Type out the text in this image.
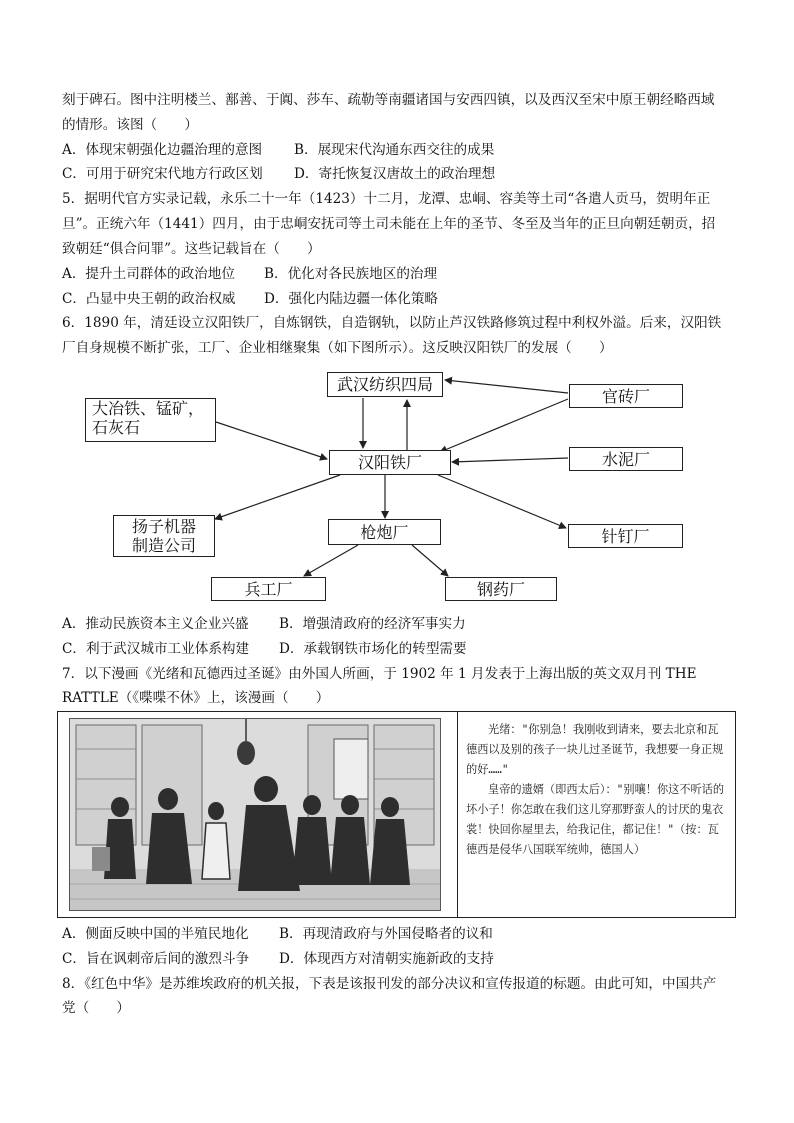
刻于碑石。图中注明楼兰、鄯善、于阗、莎车、疏勒等南疆诸国与安西四镇，以及西汉至宋中原王朝经略西域
的情形。该图（　　）
A．体现宋朝强化边疆治理的意图 B．展现宋代沟通东西交往的成果
C．可用于研究宋代地方行政区划 D．寄托恢复汉唐故土的政治理想
5．据明代官方实录记载，永乐二十一年（1423）十二月，龙潭、忠峒、容美等土司“各遣人贡马，贺明年正
旦”。正统六年（1441）四月，由于忠峒安抚司等土司未能在上年的圣节、冬至及当年的正旦向朝廷朝贡，招
致朝廷“俱合问罪”。这些记载旨在（　　）
A．提升土司群体的政治地位 B．优化对各民族地区的治理
C．凸显中央王朝的政治权威 D．强化内陆边疆一体化策略
6．1890 年，清廷设立汉阳铁厂，自炼钢铁，自造钢轨，以防止芦汉铁路修筑过程中利权外溢。后来，汉阳铁
厂自身规模不断扩张，工厂、企业相继聚集（如下图所示）。这反映汉阳铁厂的发展（　　）
武汉纺织四局
官砖厂
大冶铁、锰矿，
石灰石
汉阳铁厂	水泥厂
扬子机器
制造公司
枪炮厂	针钉厂
兵工厂	钢药厂
A．推动民族资本主义企业兴盛 B．增强清政府的经济军事实力
C．利于武汉城市工业体系构建 D．承载钢铁市场化的转型需要
7．以下漫画《光绪和瓦德西过圣诞》由外国人所画，于 1902 年 1 月发表于上海出版的英文双月刊 THE
RATTLE（《喋喋不休》上，该漫画（　　）

光绪："你别急！我刚收到请来，要去北京和瓦德西以及别的孩子一块儿过圣诞节，我想要一身正规的好……"

皇帝的遗婿（即西太后）："别嚷！你这不听话的坏小子！你怎敢在我们这儿穿那野蛮人的讨厌的鬼衣裳！快回你屋里去，给我记住，都记住！"（按：瓦德西是侵华八国联军统帅，德国人）

A．侧面反映中国的半殖民地化 B．再现清政府与外国侵略者的议和
C．旨在讽刺帝后间的激烈斗争 D．体现西方对清朝实施新政的支持
8．《红色中华》是苏维埃政府的机关报，下表是该报刊发的部分决议和宣传报道的标题。由此可知，中国共产
党（　　）
